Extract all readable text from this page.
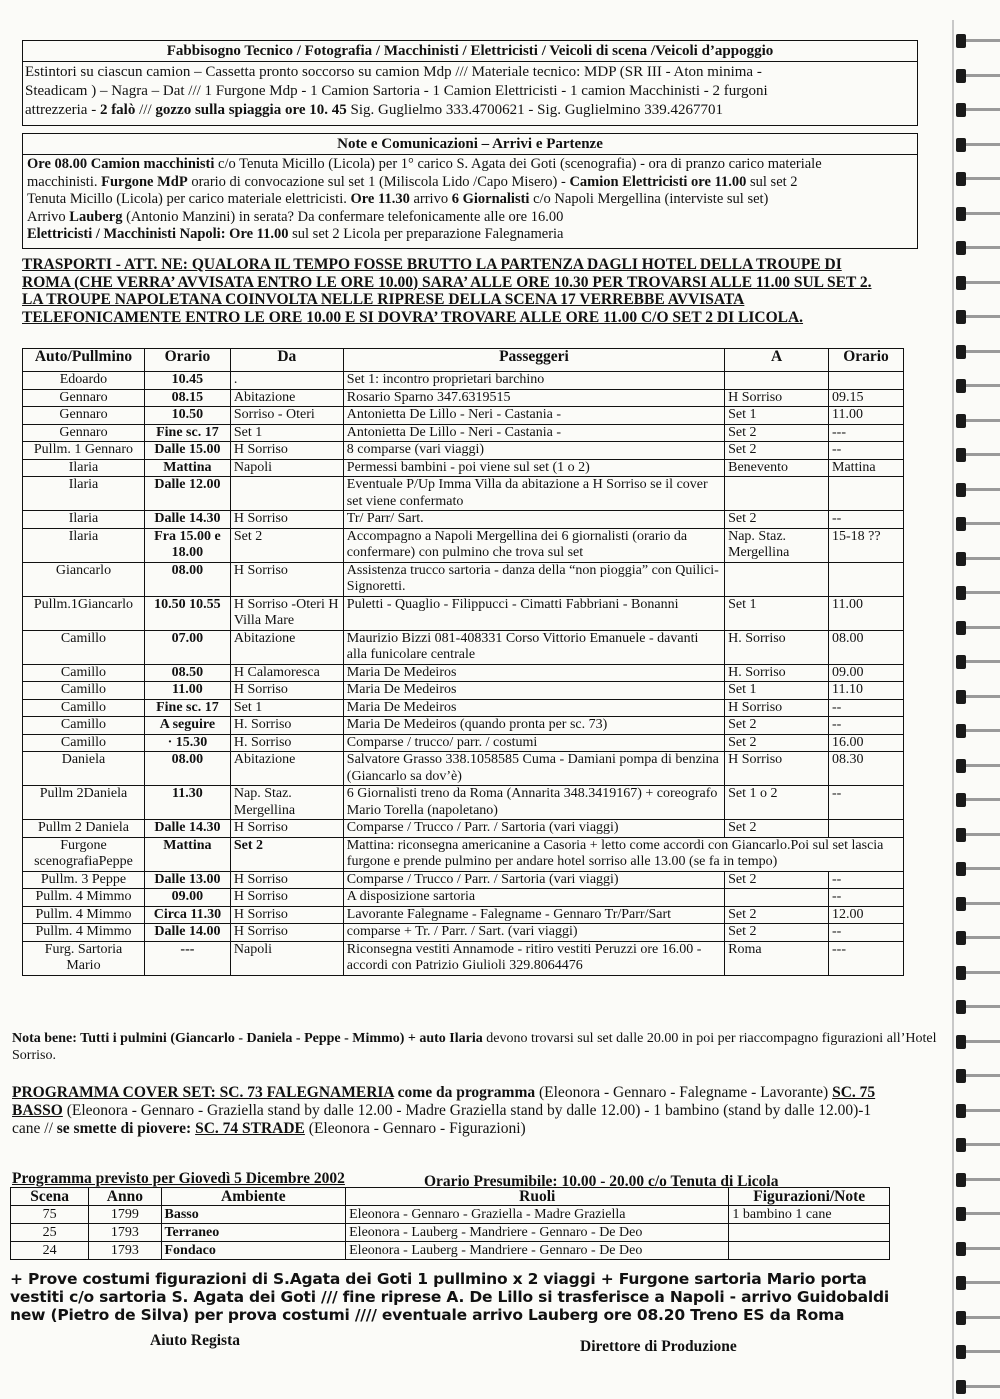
Fabbisogno Tecnico / Fotografia / Macchinisti / Elettricisti / Veicoli di scena /Veicoli d’appoggio
Estintori su ciascun camion – Cassetta pronto soccorso su camion Mdp /// Materiale tecnico: MDP (SR III - Aton minima -
Steadicam ) – Nagra – Dat /// 1 Furgone Mdp - 1 Camion Sartoria - 1 Camion Elettricisti - 1 camion Macchinisti - 2 furgoni
attrezzeria - 2 falò /// gozzo sulla spiaggia ore 10. 45 Sig. Guglielmo 333.4700621 - Sig. Guglielmino 339.4267701
Note e Comunicazioni – Arrivi e Partenze
Ore 08.00 Camion macchinisti c/o Tenuta Micillo (Licola) per 1° carico S. Agata dei Goti (scenografia) - ora di pranzo carico materiale
macchinisti. Furgone MdP orario di convocazione sul set 1 (Miliscola Lido /Capo Misero) - Camion Elettricisti ore 11.00 sul set 2
Tenuta Micillo (Licola) per carico materiale elettricisti. Ore 11.30 arrivo 6 Giornalisti c/o Napoli Mergellina (interviste sul set)
Arrivo Lauberg (Antonio Manzini) in serata? Da confermare telefonicamente alle ore 16.00
Elettricisti / Macchinisti Napoli: Ore 11.00 sul set 2 Licola per preparazione Falegnameria
TRASPORTI - ATT. NE: QUALORA IL TEMPO FOSSE BRUTTO LA PARTENZA DAGLI HOTEL DELLA TROUPE DI
ROMA (CHE VERRA’ AVVISATA ENTRO LE ORE 10.00) SARA’ ALLE ORE 10.30 PER TROVARSI ALLE 11.00 SUL SET 2.
LA TROUPE NAPOLETANA COINVOLTA NELLE RIPRESE DELLA SCENA 17 VERREBBE AVVISATA
TELEFONICAMENTE ENTRO LE ORE 10.00 E SI DOVRA’ TROVARE ALLE ORE 11.00 C/O SET 2 DI LICOLA.
Auto/Pullmino	Orario	Da	Passeggeri	A	Orario
Edoardo	10.45	.	Set 1: incontro proprietari barchino		
Gennaro	08.15	Abitazione	Rosario Sparno 347.6319515	H Sorriso	09.15
Gennaro	10.50	Sorriso - Oteri	Antonietta De Lillo - Neri - Castania -	Set 1	11.00
Gennaro	Fine sc. 17	Set 1	Antonietta De Lillo - Neri - Castania -	Set 2	---
Pullm. 1 Gennaro	Dalle 15.00	H Sorriso	8 comparse (vari viaggi)	Set 2	--
Ilaria	Mattina	Napoli	Permessi bambini - poi viene sul set (1 o 2)	Benevento	Mattina
Ilaria	Dalle 12.00		Eventuale P/Up Imma Villa da abitazione a H Sorriso se il cover set viene confermato		
Ilaria	Dalle 14.30	H Sorriso	Tr/ Parr/ Sart.	Set 2	--
Ilaria	Fra 15.00 e 18.00	Set 2	Accompagno a Napoli Mergellina dei 6 giornalisti (orario da confermare) con pulmino che trova sul set	Nap. Staz. Mergellina	15-18 ??
Giancarlo	08.00	H Sorriso	Assistenza trucco sartoria - danza della “non pioggia” con Quilici-Signoretti.		
Pullm.1Giancarlo	10.50 10.55	H Sorriso -Oteri H Villa Mare	Puletti - Quaglio - Filippucci - Cimatti Fabbriani - Bonanni	Set 1	11.00
Camillo	07.00	Abitazione	Maurizio Bizzi 081-408331 Corso Vittorio Emanuele - davanti alla funicolare centrale	H. Sorriso	08.00
Camillo	08.50	H Calamoresca	Maria De Medeiros	H. Sorriso	09.00
Camillo	11.00	H Sorriso	Maria De Medeiros	Set 1	11.10
Camillo	Fine sc. 17	Set 1	Maria De Medeiros	H Sorriso	--
Camillo	A seguire	H. Sorriso	Maria De Medeiros (quando pronta per sc. 73)	Set 2	--
Camillo	· 15.30	H. Sorriso	Comparse / trucco/ parr. / costumi	Set 2	16.00
Daniela	08.00	Abitazione	Salvatore Grasso 338.1058585 Cuma - Damiani pompa di benzina (Giancarlo sa dov’è)	H Sorriso	08.30
Pullm 2Daniela	11.30	Nap. Staz. Mergellina	6 Giornalisti treno da Roma (Annarita 348.3419167) + coreografo Mario Torella (napoletano)	Set 1 o 2	--
Pullm 2 Daniela	Dalle 14.30	H Sorriso	Comparse / Trucco / Parr. / Sartoria (vari viaggi)	Set 2	
Furgone scenografiaPeppe	Mattina	Set 2	Mattina: riconsegna americanine a Casoria + letto come accordi con Giancarlo.Poi sul set lascia furgone e prende pulmino per andare hotel sorriso alle 13.00 (se fa in tempo)		
Pullm. 3 Peppe	Dalle 13.00	H Sorriso	Comparse / Trucco / Parr. / Sartoria (vari viaggi)	Set 2	--
Pullm. 4 Mimmo	09.00	H Sorriso	A disposizione sartoria		--
Pullm. 4 Mimmo	Circa 11.30	H Sorriso	Lavorante Falegname - Falegname - Gennaro Tr/Parr/Sart	Set 2	12.00
Pullm. 4 Mimmo	Dalle 14.00	H Sorriso	comparse + Tr. / Parr. / Sart. (vari viaggi)	Set 2	--
Furg. Sartoria Mario	---	Napoli	Riconsegna vestiti Annamode - ritiro vestiti Peruzzi ore 16.00 - accordi con Patrizio Giulioli 329.8064476	Roma	---
Nota bene: Tutti i pulmini (Giancarlo - Daniela - Peppe - Mimmo) + auto Ilaria devono trovarsi sul set dalle 20.00 in poi per riaccompagno figurazioni all’Hotel Sorriso.
PROGRAMMA COVER SET: SC. 73 FALEGNAMERIA come da programma (Eleonora - Gennaro - Falegname - Lavorante) SC. 75 BASSO (Eleonora - Gennaro - Graziella stand by dalle 12.00 - Madre Graziella stand by dalle 12.00) - 1 bambino (stand by dalle 12.00)-1 cane // se smette di piovere: SC. 74 STRADE (Eleonora - Gennaro - Figurazioni)
Programma previsto per Giovedì 5 Dicembre 2002	Orario Presumibile: 10.00 - 20.00 c/o Tenuta di Licola
Scena	Anno	Ambiente	Ruoli	Figurazioni/Note
75	1799	Basso	Eleonora - Gennaro - Graziella - Madre Graziella	1 bambino 1 cane
25	1793	Terraneo	Eleonora - Lauberg - Mandriere - Gennaro - De Deo	
24	1793	Fondaco	Eleonora - Lauberg - Mandriere - Gennaro - De Deo	
+ Prove costumi figurazioni di S.Agata dei Goti 1 pullmino x 2 viaggi + Furgone sartoria Mario porta vestiti c/o sartoria S. Agata dei Goti /// fine riprese A. De Lillo si trasferisce a Napoli - arrivo Guidobaldi new (Pietro de Silva) per prova costumi //// eventuale arrivo Lauberg ore 08.20 Treno ES da Roma
Aiuto Regista	Direttore di Produzione
